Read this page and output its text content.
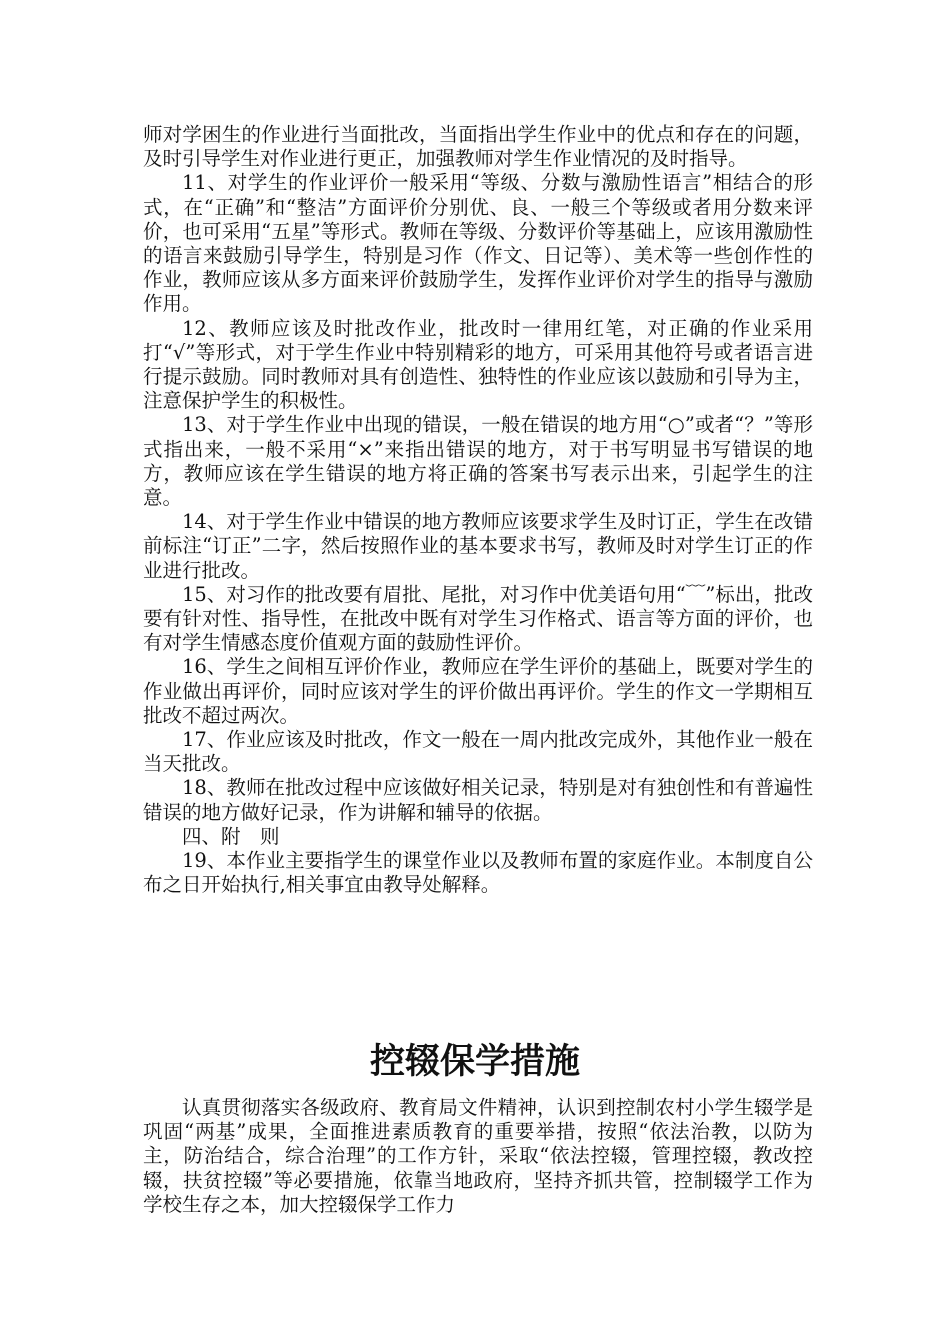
师对学困生的作业进行当面批改，当面指出学生作业中的优点和存在的问题，及时引导学生对作业进行更正，加强教师对学生作业情况的及时指导。

11、对学生的作业评价一般采用“等级、分数与激励性语言”相结合的形式，在“正确”和“整洁”方面评价分别优、良、一般三个等级或者用分数来评价，也可采用“五星”等形式。教师在等级、分数评价等基础上，应该用激励性的语言来鼓励引导学生，特别是习作（作文、日记等）、美术等一些创作性的作业，教师应该从多方面来评价鼓励学生，发挥作业评价对学生的指导与激励作用。

12、教师应该及时批改作业，批改时一律用红笔，对正确的作业采用打“√”等形式，对于学生作业中特别精彩的地方，可采用其他符号或者语言进行提示鼓励。同时教师对具有创造性、独特性的作业应该以鼓励和引导为主，注意保护学生的积极性。

13、对于学生作业中出现的错误，一般在错误的地方用“○”或者“？”等形式指出来，一般不采用“×”来指出错误的地方，对于书写明显书写错误的地方，教师应该在学生错误的地方将正确的答案书写表示出来，引起学生的注意。

14、对于学生作业中错误的地方教师应该要求学生及时订正，学生在改错前标注“订正”二字，然后按照作业的基本要求书写，教师及时对学生订正的作业进行批改。

15、对习作的批改要有眉批、尾批，对习作中优美语句用“﹋”标出，批改要有针对性、指导性，在批改中既有对学生习作格式、语言等方面的评价，也有对学生情感态度价值观方面的鼓励性评价。

16、学生之间相互评价作业，教师应在学生评价的基础上，既要对学生的作业做出再评价，同时应该对学生的评价做出再评价。学生的作文一学期相互批改不超过两次。

17、作业应该及时批改，作文一般在一周内批改完成外，其他作业一般在当天批改。

18、教师在批改过程中应该做好相关记录，特别是对有独创性和有普遍性错误的地方做好记录，作为讲解和辅导的依据。

四、附　则

19、本作业主要指学生的课堂作业以及教师布置的家庭作业。本制度自公布之日开始执行,相关事宜由教导处解释。

控辍保学措施

认真贯彻落实各级政府、教育局文件精神，认识到控制农村小学生辍学是巩固“两基”成果，全面推进素质教育的重要举措，按照“依法治教，以防为主，防治结合，综合治理”的工作方针，采取“依法控辍，管理控辍，教改控辍，扶贫控辍”等必要措施，依靠当地政府，坚持齐抓共管，控制辍学工作为学校生存之本，加大控辍保学工作力
